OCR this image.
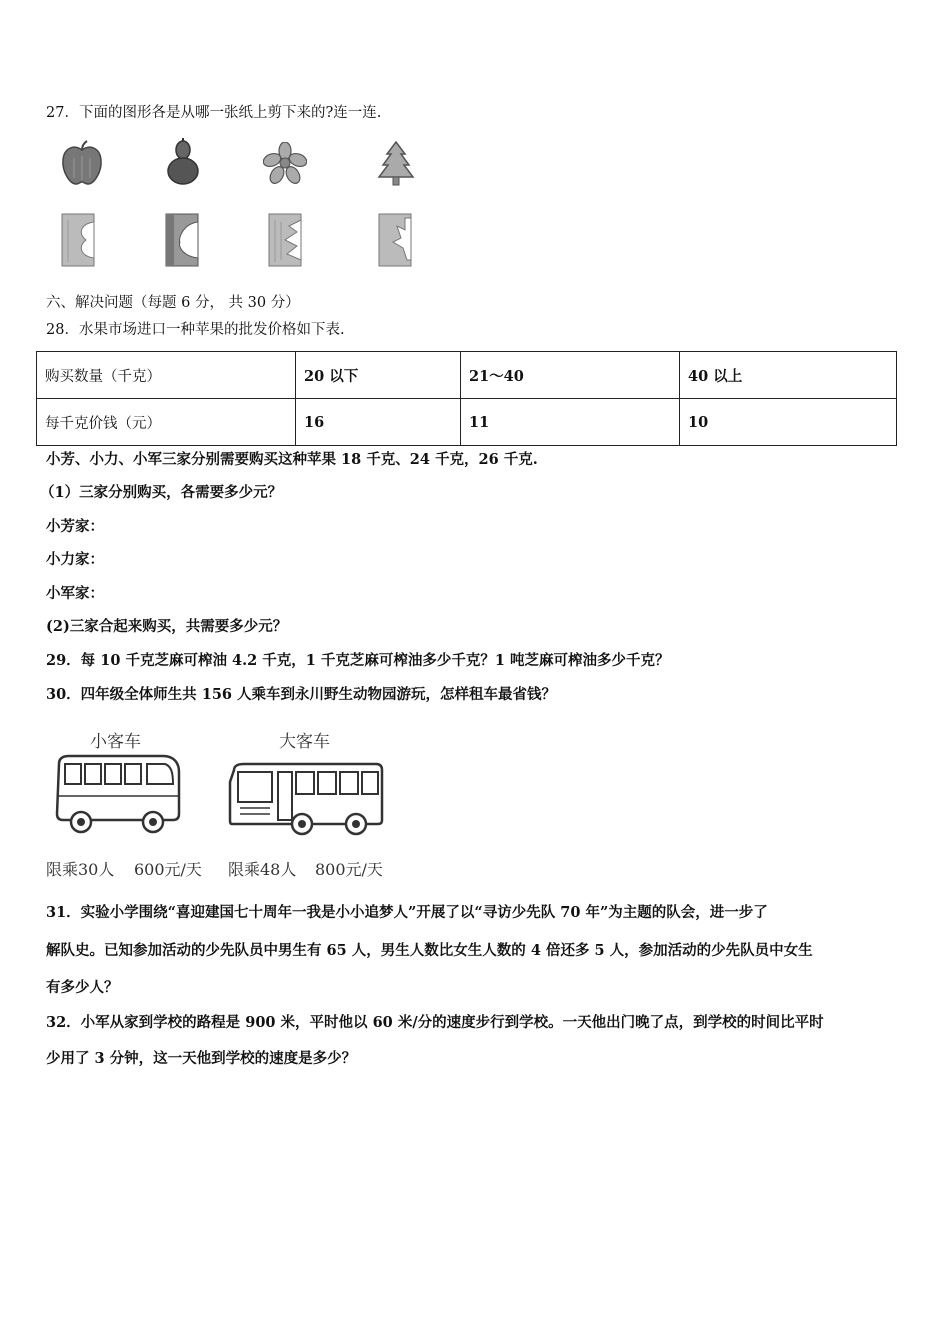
27．下面的图形各是从哪一张纸上剪下来的?连一连.
六、解决问题（每题 6 分， 共 30 分）
28．水果市场进口一种苹果的批发价格如下表.
购买数量（千克）	20 以下	21～40	40 以上
每千克价钱（元）	16	11	10
小芳、小力、小军三家分别需要购买这种苹果 18 千克、24 千克，26 千克.
（1）三家分别购买，各需要多少元？
小芳家：
小力家：
小军家：
(2)三家合起来购买，共需要多少元？
29．每 10 千克芝麻可榨油 4.2 千克，1 千克芝麻可榨油多少千克？1 吨芝麻可榨油多少千克？
30．四年级全体师生共 156 人乘车到永川野生动物园游玩，怎样租车最省钱？
小客车
限乘30人 600元/天
大客车
限乘48人 800元/天
31．实验小学围绕“喜迎建国七十周年一我是小小追梦人”开展了以“寻访少先队 70 年”为主题的队会，进一步了
解队史。已知参加活动的少先队员中男生有 65 人，男生人数比女生人数的 4 倍还多 5 人，参加活动的少先队员中女生
有多少人？
32．小军从家到学校的路程是 900 米，平时他以 60 米/分的速度步行到学校。一天他出门晚了点，到学校的时间比平时
少用了 3 分钟，这一天他到学校的速度是多少？
